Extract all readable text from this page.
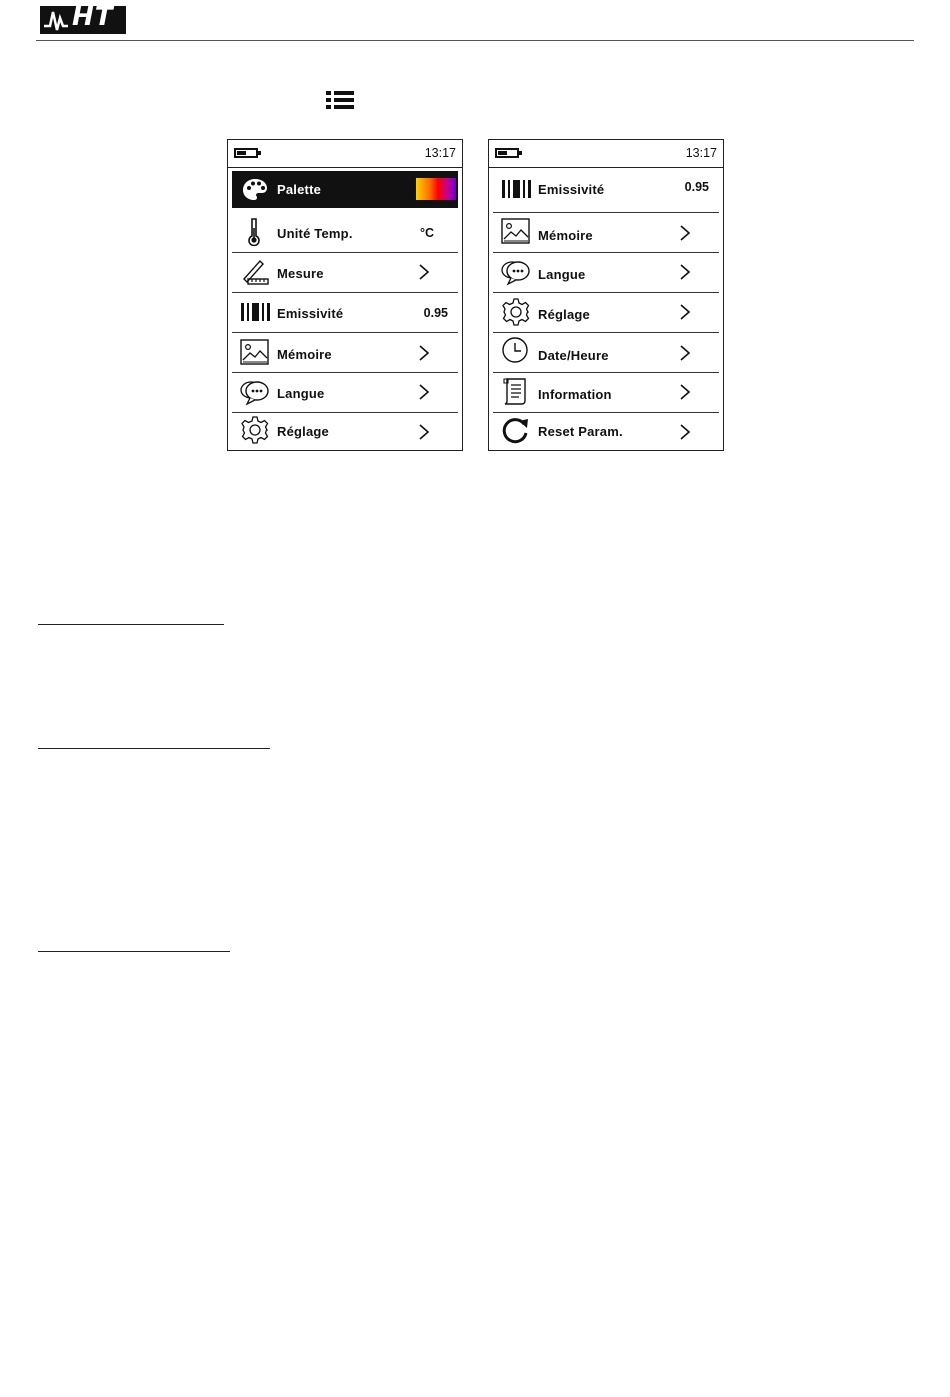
HT
13:17
Palette
Unité Temp.	°C
Mesure
Emissivité	0.95
Mémoire
Langue
Réglage
13:17
Emissivité	0.95
Mémoire
Langue
Réglage
Date/Heure
Information
Reset Param.
